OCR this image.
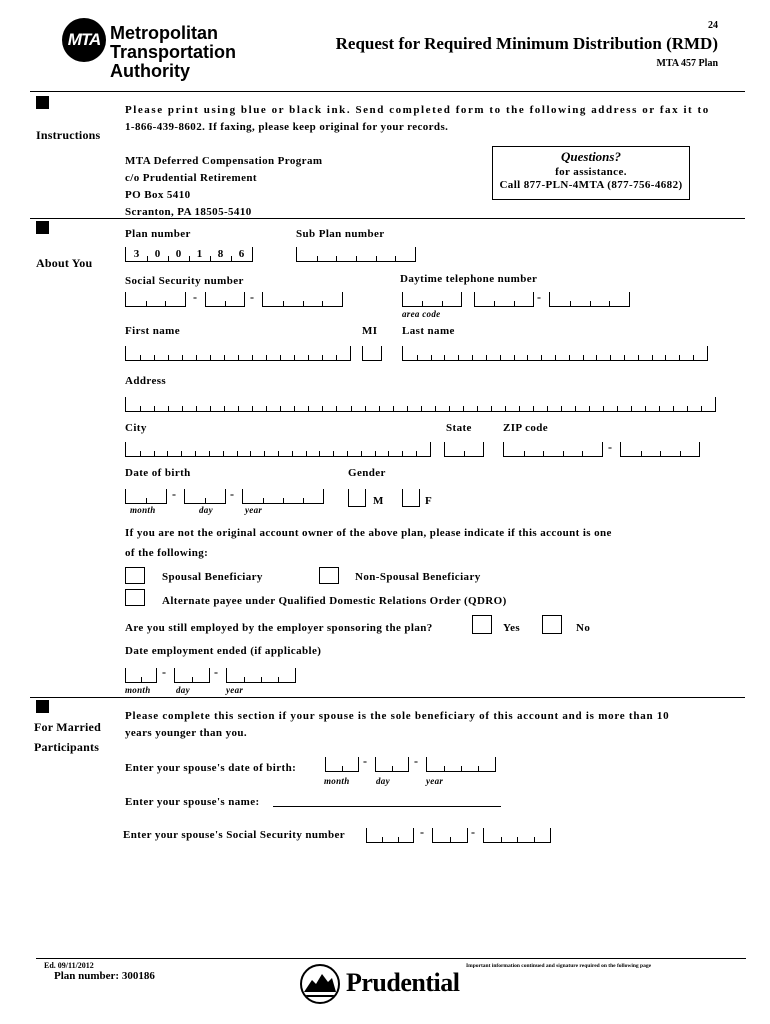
MTA Metropolitan
Transportation
Authority
24
Request for Required Minimum Distribution (RMD)
MTA 457 Plan
Instructions
Please print using blue or black ink. Send completed form to the following address or fax it to
1-866-439-8602. If faxing, please keep original for your records.
MTA Deferred Compensation Program
c/o Prudential Retirement
PO Box 5410
Scranton, PA 18505-5410
Questions?
for assistance.
Call 877-PLN-4MTA (877-756-4682)
About You
Plan number
3	0	0	1	8	6
Sub Plan number
Social Security number
-	-
Daytime telephone number
area code
-
First name	MI Last name
Address
City	State	ZIP code
-
Date of birth
-	-
month	day	year
Gender
M	F
If you are not the original account owner of the above plan, please indicate if this account is one
of the following:
Spousal Beneficiary	Non-Spousal Beneficiary
Alternate payee under Qualified Domestic Relations Order (QDRO)
Are you still employed by the employer sponsoring the plan?	Yes	No
Date employment ended (if applicable)
-	-
month	day	year
For Married
Participants
Please complete this section if your spouse is the sole beneficiary of this account and is more than 10
years younger than you.
Enter your spouse's date of birth:	-	-
month	day	year
Enter your spouse's name:
Enter your spouse's Social Security number	-	-
Ed. 09/11/2012
Plan number: 300186
Important information continued and signature required on the following page
Prudential
